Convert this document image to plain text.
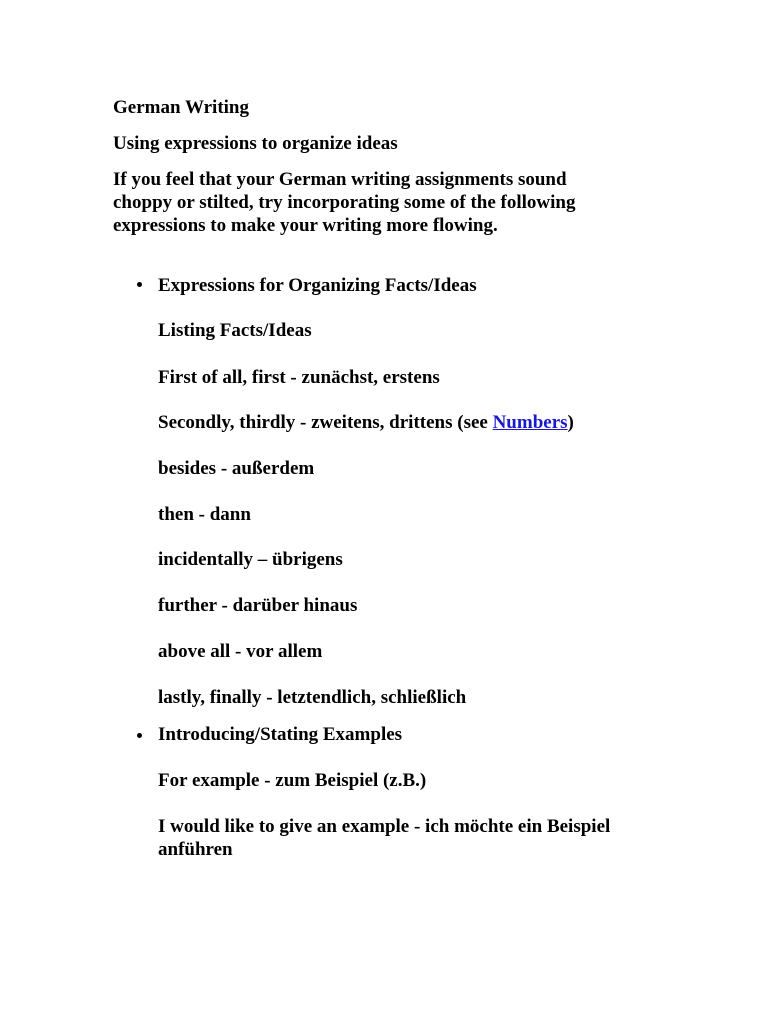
German Writing

Using expressions to organize ideas

If you feel that your German writing assignments sound
choppy or stilted, try incorporating some of the following
expressions to make your writing more flowing.

Expressions for Organizing Facts/Ideas

Listing Facts/Ideas

First of all, first - zunächst, erstens

Secondly, thirdly - zweitens, drittens (see Numbers)

besides - außerdem

then - dann

incidentally – übrigens

further - darüber hinaus

above all - vor allem

lastly, finally - letztendlich, schließlich

Introducing/Stating Examples

For example - zum Beispiel (z.B.)

I would like to give an example - ich möchte ein Beispiel
anführen
